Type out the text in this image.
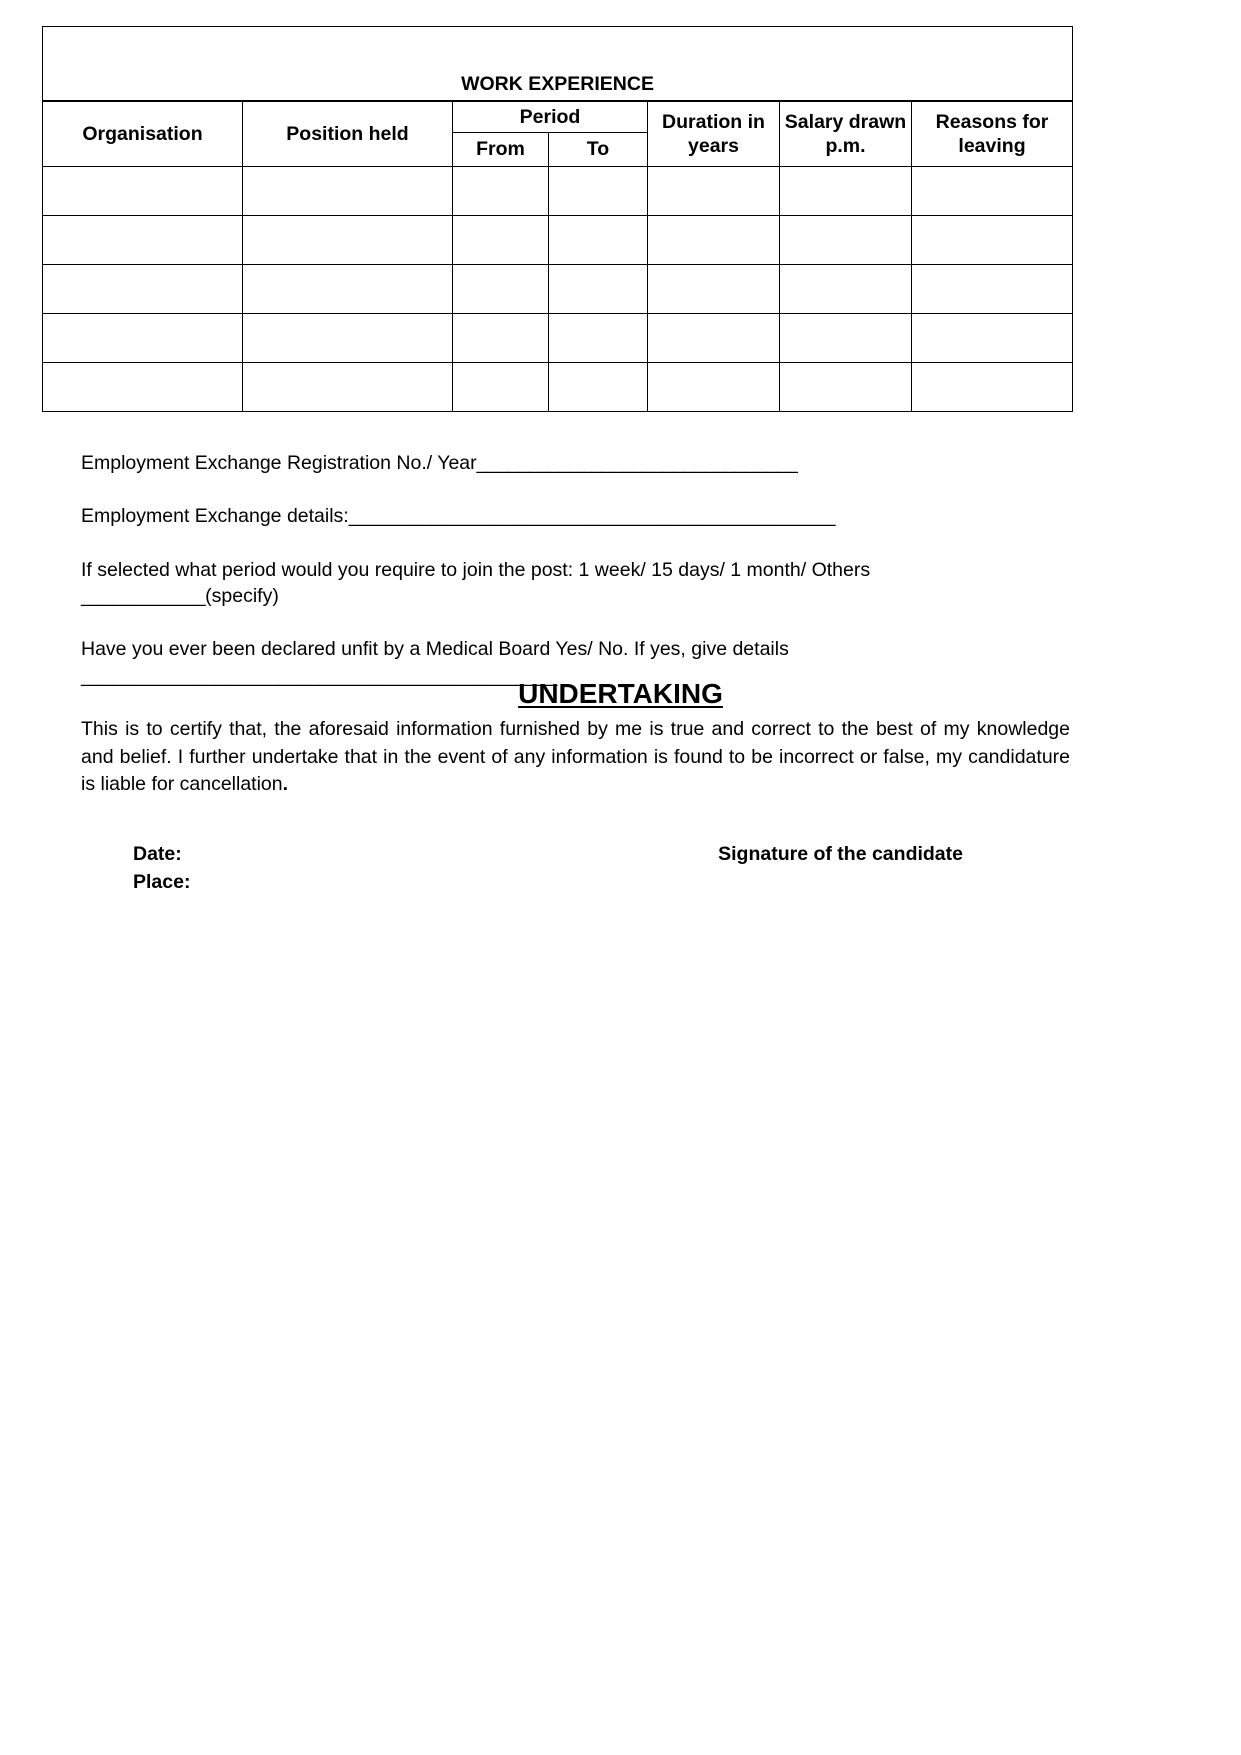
WORK EXPERIENCE						
Organisation	Position held	Period		Duration in years	Salary drawn p.m.	Reasons for leaving
		From	To			

Employment Exchange Registration No./ Year_______________________________

Employment Exchange details:_______________________________________________

If selected what period would you require to join the post: 1 week/ 15 days/ 1 month/ Others ____________(specify)

Have you ever been declared unfit by a Medical Board Yes/ No. If yes, give details
______________________________________________

UNDERTAKING
This is to certify that, the aforesaid information furnished by me is true and correct to the best of my knowledge and belief. I further undertake that in the event of any information is found to be incorrect or false, my candidature is liable for cancellation.
Date:	Signature of the candidate
Place:
